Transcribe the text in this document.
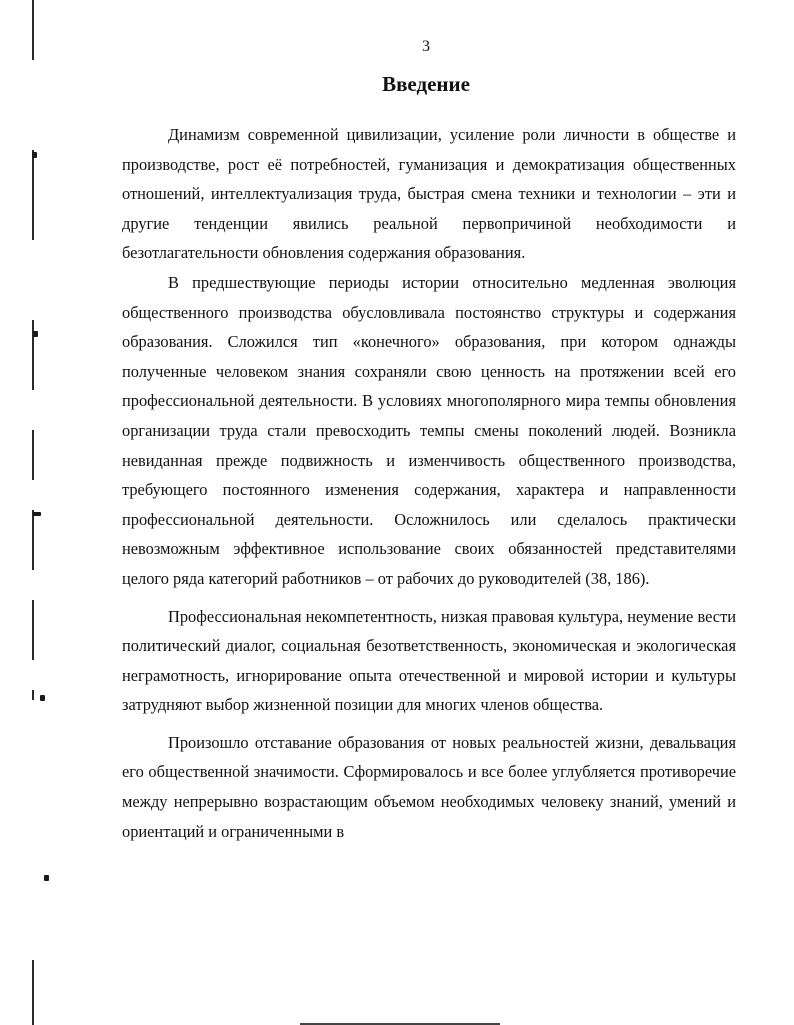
3
Введение

Динамизм современной цивилизации, усиление роли личности в обществе и производстве, рост её потребностей, гуманизация и демократизация общественных отношений, интеллектуализация труда, быстрая смена техники и технологии – эти и другие тенденции явились реальной первопричиной необходимости и безотлагательности обновления содержания образования.

В предшествующие периоды истории относительно медленная эволюция общественного производства обусловливала постоянство структуры и содержания образования. Сложился тип «конечного» образования, при котором однажды полученные человеком знания сохраняли свою ценность на протяжении всей его профессиональной деятельности. В условиях многополярного мира темпы обновления организации труда стали превосходить темпы смены поколений людей. Возникла невиданная прежде подвижность и изменчивость общественного производства, требующего постоянного изменения содержания, характера и направленности профессиональной деятельности. Осложнилось или сделалось практически невозможным эффективное использование своих обязанностей представителями целого ряда категорий работников – от рабочих до руководителей (38, 186).

Профессиональная некомпетентность, низкая правовая культура, неумение вести политический диалог, социальная безответственность, экономическая и экологическая неграмотность, игнорирование опыта отечественной и мировой истории и культуры затрудняют выбор жизненной позиции для многих членов общества.

Произошло отставание образования от новых реальностей жизни, девальвация его общественной значимости. Сформировалось и все более углубляется противоречие между непрерывно возрастающим объемом необходимых человеку знаний, умений и ориентаций и ограниченными в
